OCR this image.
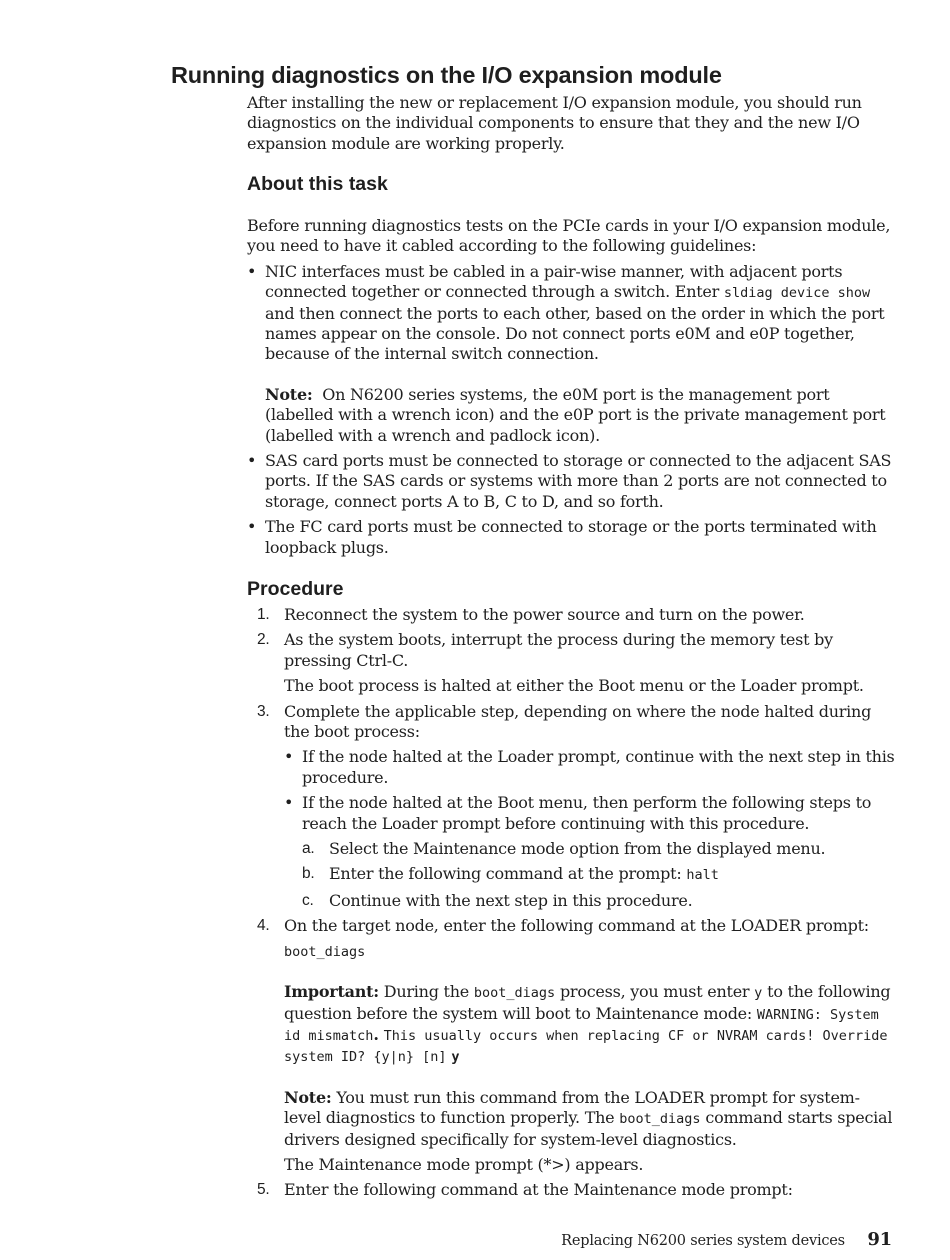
Running diagnostics on the I/O expansion module

After installing the new or replacement I/O expansion module, you should run diagnostics on the individual components to ensure that they and the new I/O expansion module are working properly.

About this task

Before running diagnostics tests on the PCIe cards in your I/O expansion module, you need to have it cabled according to the following guidelines:

• NIC interfaces must be cabled in a pair-wise manner, with adjacent ports connected together or connected through a switch. Enter sldiag device show and then connect the ports to each other, based on the order in which the port names appear on the console. Do not connect ports e0M and e0P together, because of the internal switch connection.

Note: On N6200 series systems, the e0M port is the management port (labelled with a wrench icon) and the e0P port is the private management port (labelled with a wrench and padlock icon).

• SAS card ports must be connected to storage or connected to the adjacent SAS ports. If the SAS cards or systems with more than 2 ports are not connected to storage, connect ports A to B, C to D, and so forth.

• The FC card ports must be connected to storage or the ports terminated with loopback plugs.

Procedure
1. Reconnect the system to the power source and turn on the power.

2. As the system boots, interrupt the process during the memory test by pressing Ctrl-C.

The boot process is halted at either the Boot menu or the Loader prompt.

3. Complete the applicable step, depending on where the node halted during the boot process:

• If the node halted at the Loader prompt, continue with the next step in this procedure.

• If the node halted at the Boot menu, then perform the following steps to reach the Loader prompt before continuing with this procedure.

a. Select the Maintenance mode option from the displayed menu.

b. Enter the following command at the prompt: halt

c. Continue with the next step in this procedure.

4. On the target node, enter the following command at the LOADER prompt:

boot_diags

Important: During the boot_diags process, you must enter y to the following question before the system will boot to Maintenance mode: WARNING: System id mismatch. This usually occurs when replacing CF or NVRAM cards! Override system ID? {y|n} [n] y

Note: You must run this command from the LOADER prompt for system-level diagnostics to function properly. The boot_diags command starts special drivers designed specifically for system-level diagnostics.

The Maintenance mode prompt (*>) appears.

5. Enter the following command at the Maintenance mode prompt:

Replacing N6200 series system devices 91
